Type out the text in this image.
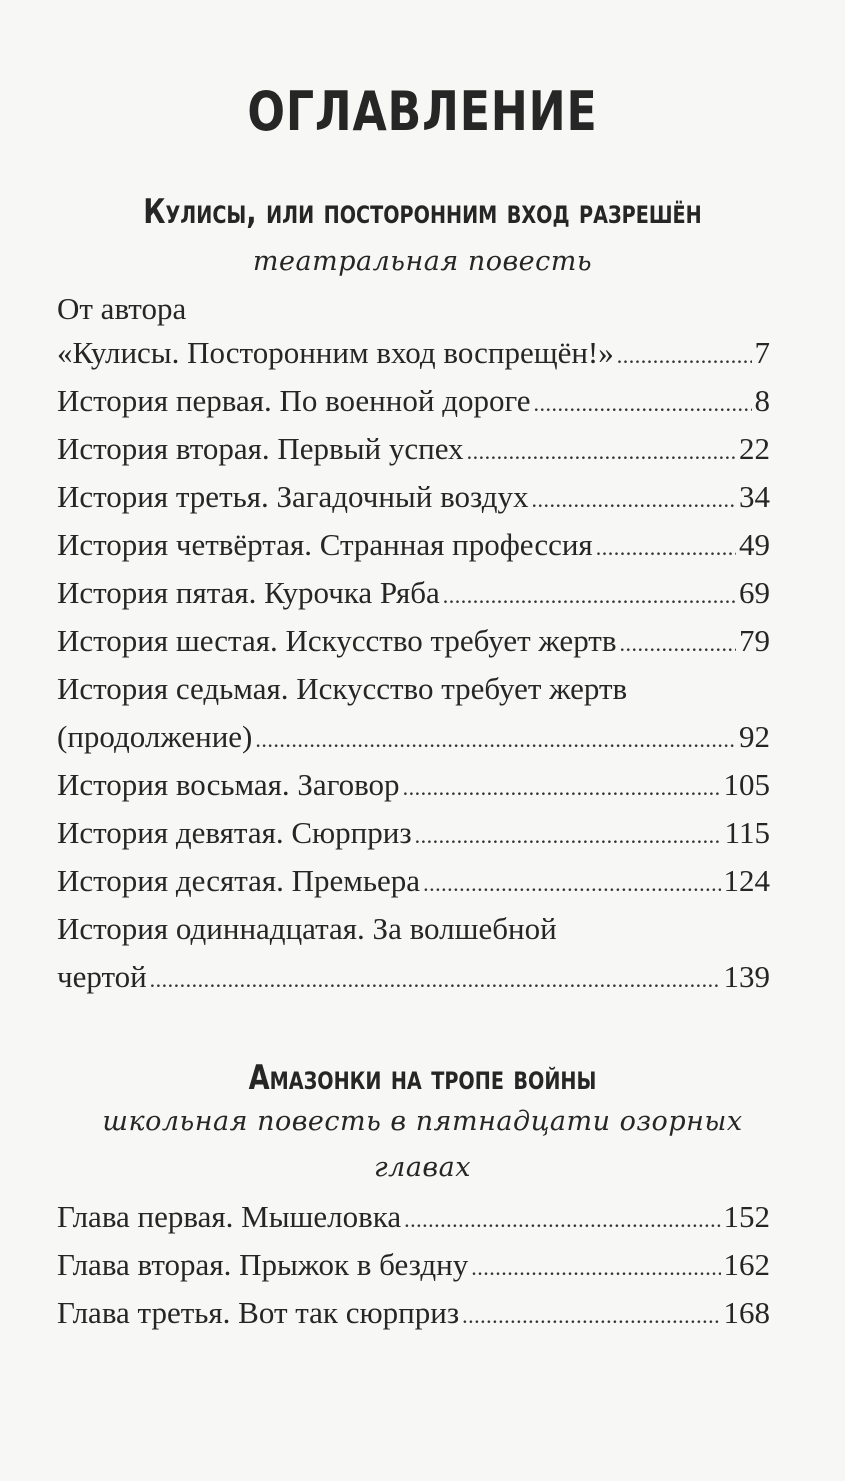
ОГЛАВЛЕНИЕ
Кулисы, или посторонним вход разрешён
театральная повесть
От автора
«Кулисы. Посторонним вход воспрещён!» .....	7
История первая. По военной дороге .....	8
История вторая. Первый успех .....	22
История третья. Загадочный воздух .....	34
История четвёртая. Странная профессия .....	49
История пятая. Курочка Ряба .....	69
История шестая. Искусство требует жертв .....	79
История седьмая. Искусство требует жертв
(продолжение) .....	92
История восьмая. Заговор .....	105
История девятая. Сюрприз .....	115
История десятая. Премьера .....	124
История одиннадцатая. За волшебной
чертой .....	139
Амазонки на тропе войны
школьная повесть в пятнадцати озорных
главах
Глава первая. Мышеловка .....	152
Глава вторая. Прыжок в бездну .....	162
Глава третья. Вот так сюрприз .....	168
